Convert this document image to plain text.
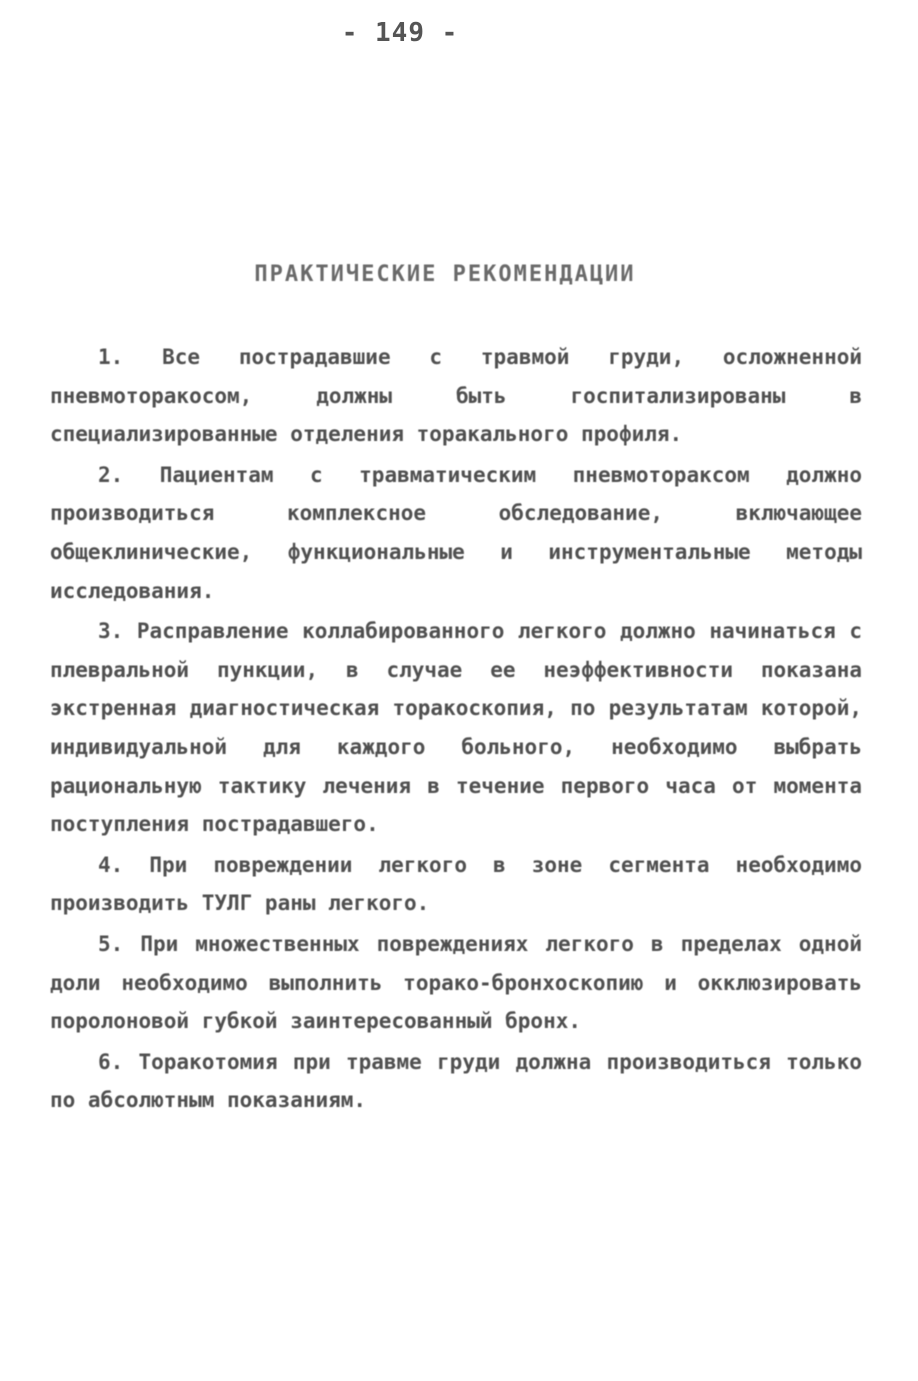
- 149 -
ПРАКТИЧЕСКИЕ РЕКОМЕНДАЦИИ

1. Все пострадавшие с травмой груди, осложненной пневмоторакосом, должны быть госпитализированы в специализированные отделения торакального профиля.

2. Пациентам с травматическим пневмотораксом должно производиться комплексное обследование, включающее общеклинические, функциональные и инструментальные методы исследования.

3. Расправление коллабированного легкого должно начинаться с плевральной пункции, в случае ее неэффективности показана экстренная диагностическая торакоскопия, по результатам которой, индивидуальной для каждого больного, необходимо выбрать рациональную тактику лечения в течение первого часа от момента поступления пострадавшего.

4. При повреждении легкого в зоне сегмента необходимо производить ТУЛГ раны легкого.

5. При множественных повреждениях легкого в пределах одной доли необходимо выполнить торако-бронхоскопию и окклюзировать поролоновой губкой заинтересованный бронх.

6. Торакотомия при травме груди должна производиться только по абсолютным показаниям.
